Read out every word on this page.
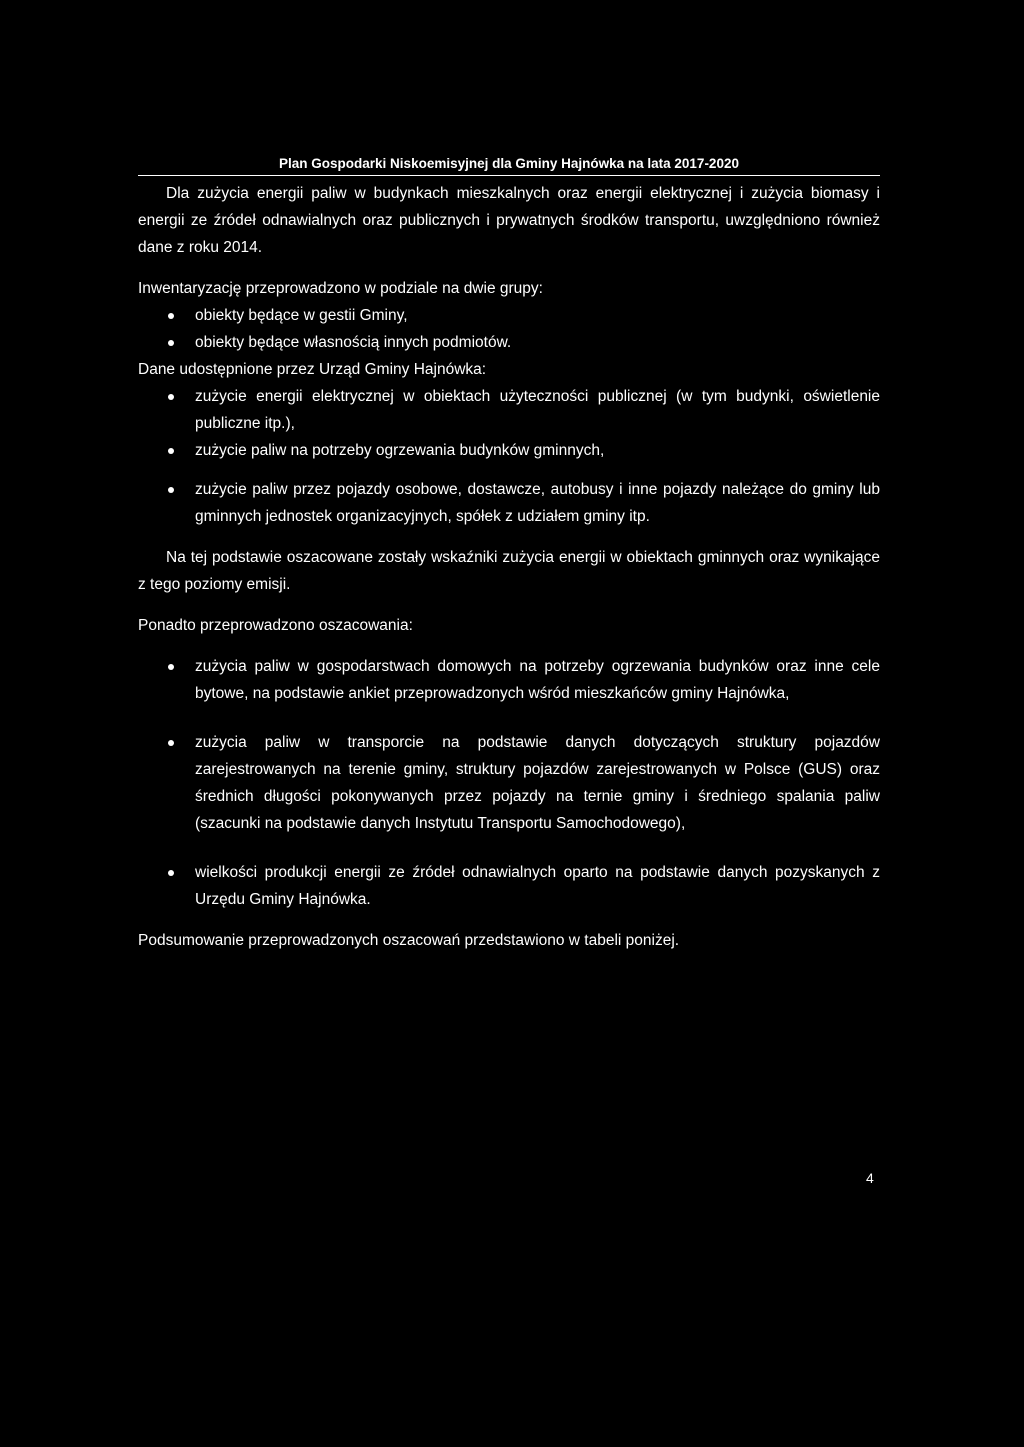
Plan Gospodarki Niskoemisyjnej dla Gminy Hajnówka na lata 2017-2020

Dla zużycia energii paliw w budynkach mieszkalnych oraz energii elektrycznej i zużycia biomasy i energii ze źródeł odnawialnych oraz publicznych i prywatnych środków transportu, uwzględniono również dane z roku 2014.

Inwentaryzację przeprowadzono w podziale na dwie grupy:

obiekty będące w gestii Gminy,
obiekty będące własnością innych podmiotów.

Dane udostępnione przez Urząd Gminy Hajnówka:

zużycie energii elektrycznej w obiektach użyteczności publicznej (w tym budynki, oświetlenie publiczne itp.),
zużycie paliw na potrzeby ogrzewania budynków gminnych,
zużycie paliw przez pojazdy osobowe, dostawcze, autobusy i inne pojazdy należące do gminy lub gminnych jednostek organizacyjnych, spółek z udziałem gminy itp.

Na tej podstawie oszacowane zostały wskaźniki zużycia energii w obiektach gminnych oraz wynikające z tego poziomy emisji.

Ponadto przeprowadzono oszacowania:

zużycia paliw w gospodarstwach domowych na potrzeby ogrzewania budynków oraz inne cele bytowe, na podstawie ankiet przeprowadzonych wśród mieszkańców gminy Hajnówka,
zużycia paliw w transporcie na podstawie danych dotyczących struktury pojazdów zarejestrowanych na terenie gminy, struktury pojazdów zarejestrowanych w Polsce (GUS) oraz średnich długości pokonywanych przez pojazdy na ternie gminy i średniego spalania paliw (szacunki na podstawie danych Instytutu Transportu Samochodowego),
wielkości produkcji energii ze źródeł odnawialnych oparto na podstawie danych pozyskanych z Urzędu Gminy Hajnówka.

Podsumowanie przeprowadzonych oszacowań przedstawiono w tabeli poniżej.

4
